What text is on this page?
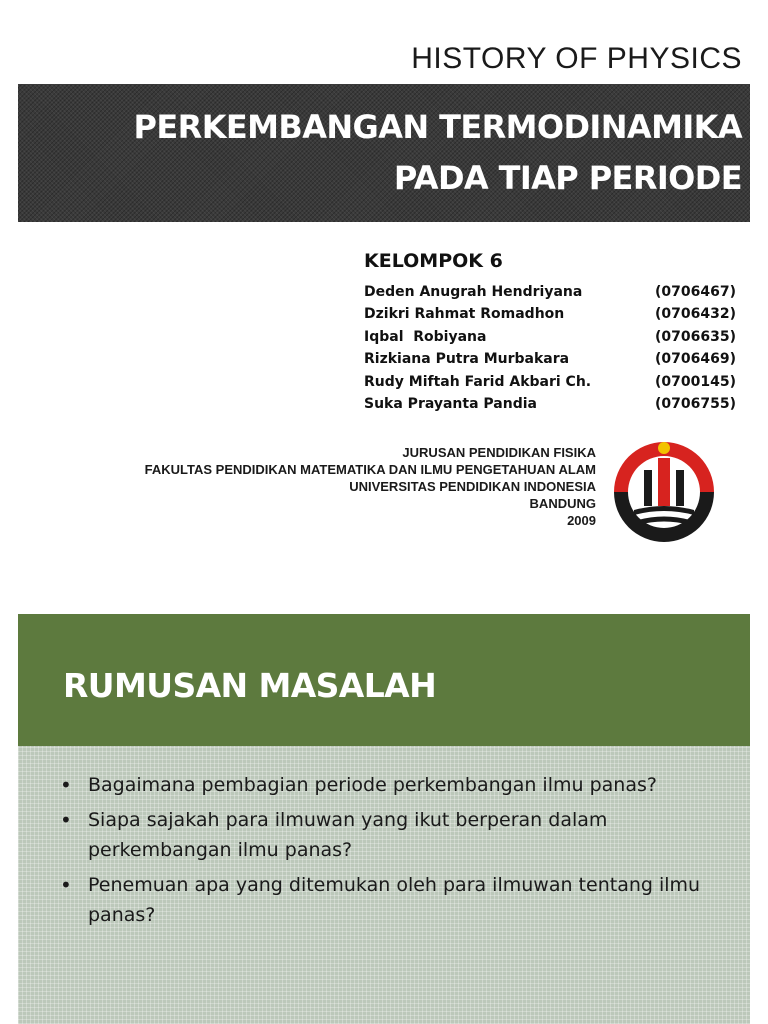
HISTORY OF PHYSICS
PERKEMBANGAN TERMODINAMIKA
PADA TIAP PERIODE
KELOMPOK 6
Deden Anugrah Hendriyana	(0706467)
Dzikri Rahmat Romadhon	(0706432)
Iqbal  Robiyana	(0706635)
Rizkiana Putra Murbakara	(0706469)
Rudy Miftah Farid Akbari Ch.	(0700145)
Suka Prayanta Pandia	(0706755)
JURUSAN PENDIDIKAN FISIKA
FAKULTAS PENDIDIKAN MATEMATIKA DAN ILMU PENGETAHUAN ALAM
UNIVERSITAS PENDIDIKAN INDONESIA
BANDUNG
2009
RUMUSAN MASALAH
• Bagaimana pembagian periode perkembangan ilmu panas?
• Siapa sajakah para ilmuwan yang ikut berperan dalam perkembangan ilmu panas?
• Penemuan apa yang ditemukan oleh para ilmuwan tentang ilmu panas?
